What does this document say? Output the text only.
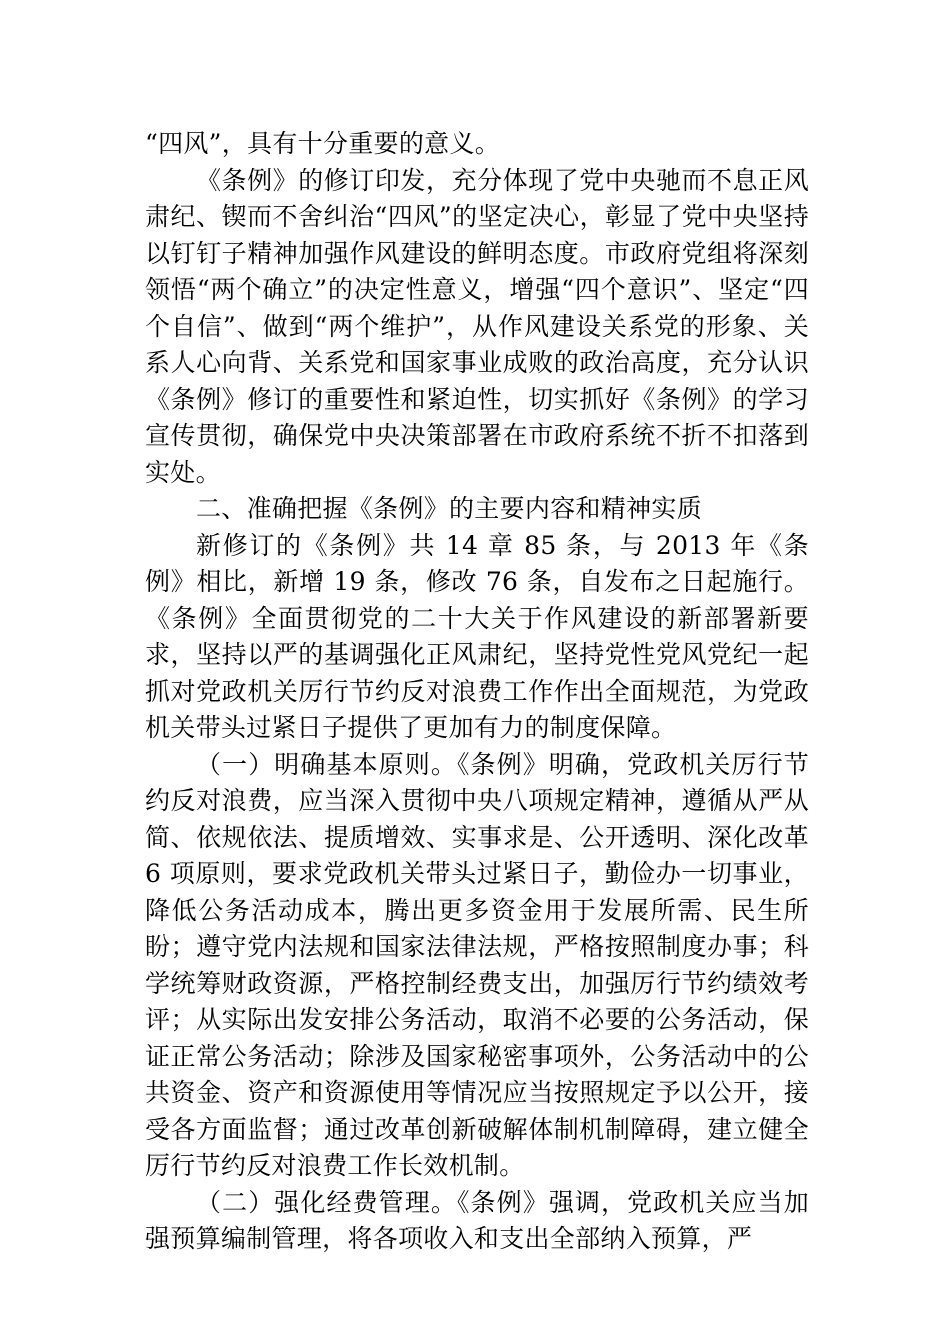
“四风”，具有十分重要的意义。

《条例》的修订印发，充分体现了党中央驰而不息正风肃纪、锲而不舍纠治“四风”的坚定决心，彰显了党中央坚持以钉钉子精神加强作风建设的鲜明态度。市政府党组将深刻领悟“两个确立”的决定性意义，增强“四个意识”、坚定“四个自信”、做到“两个维护”，从作风建设关系党的形象、关系人心向背、关系党和国家事业成败的政治高度，充分认识《条例》修订的重要性和紧迫性，切实抓好《条例》的学习宣传贯彻，确保党中央决策部署在市政府系统不折不扣落到实处。

二、准确把握《条例》的主要内容和精神实质

新修订的《条例》共 14 章 85 条，与 2013 年《条例》相比，新增 19 条，修改 76 条，自发布之日起施行。《条例》全面贯彻党的二十大关于作风建设的新部署新要求，坚持以严的基调强化正风肃纪，坚持党性党风党纪一起抓对党政机关厉行节约反对浪费工作作出全面规范，为党政机关带头过紧日子提供了更加有力的制度保障。

（一）明确基本原则。《条例》明确，党政机关厉行节约反对浪费，应当深入贯彻中央八项规定精神，遵循从严从简、依规依法、提质增效、实事求是、公开透明、深化改革 6 项原则，要求党政机关带头过紧日子，勤俭办一切事业，降低公务活动成本，腾出更多资金用于发展所需、民生所盼；遵守党内法规和国家法律法规，严格按照制度办事；科学统筹财政资源，严格控制经费支出，加强厉行节约绩效考评；从实际出发安排公务活动，取消不必要的公务活动，保证正常公务活动；除涉及国家秘密事项外，公务活动中的公共资金、资产和资源使用等情况应当按照规定予以公开，接受各方面监督；通过改革创新破解体制机制障碍，建立健全厉行节约反对浪费工作长效机制。

（二）强化经费管理。《条例》强调，党政机关应当加强预算编制管理，将各项收入和支出全部纳入预算，严
